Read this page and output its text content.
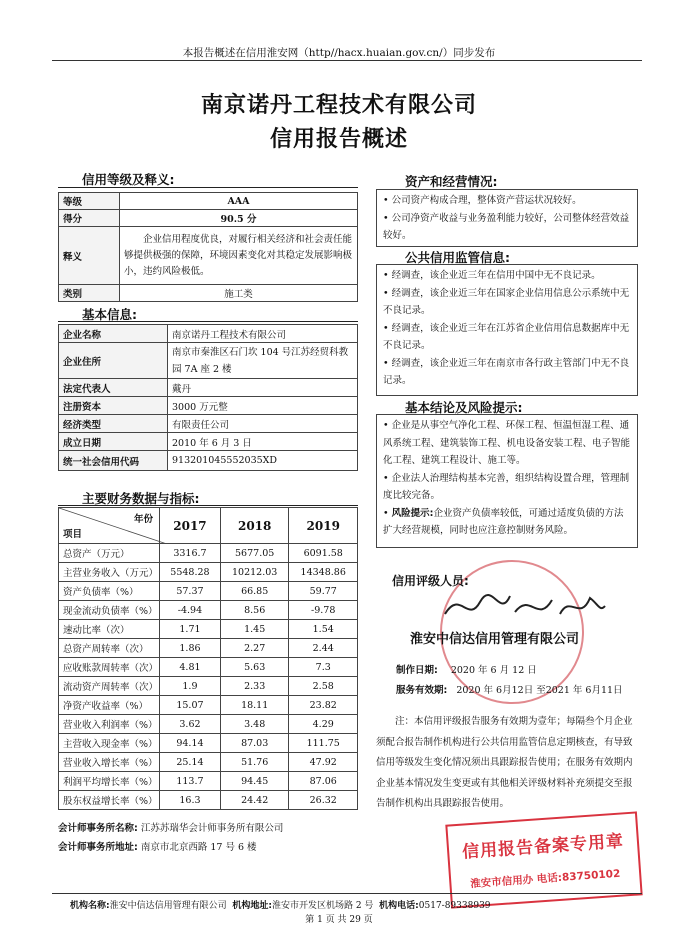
本报告概述在信用淮安网（http//hacx.huaian.gov.cn/）同步发布
南京诺丹工程技术有限公司
信用报告概述
信用等级及释义:
等级	AAA
得分	90.5 分
释义	企业信用程度优良，对履行相关经济和社会责任能够提供极强的保障，环境因素变化对其稳定发展影响极小，违约风险极低。
类别	施工类
基本信息:
企业名称	南京诺丹工程技术有限公司
企业住所	南京市秦淮区石门坎 104 号江苏经贸科教园 7A 座 2 楼
法定代表人	戴丹
注册资本	3000 万元整
经济类型	有限责任公司
成立日期	2010 年 6 月 3 日
统一社会信用代码	913201045552035XD
主要财务数据与指标:
年份
项目	2017	2018	2019
总资产（万元）	3316.7	5677.05	6091.58
主营业务收入（万元）	5548.28	10212.03	14348.86
资产负债率（%）	57.37	66.85	59.77
现金流动负债率（%）	-4.94	8.56	-9.78
速动比率（次）	1.71	1.45	1.54
总资产周转率（次）	1.86	2.27	2.44
应收账款周转率（次）	4.81	5.63	7.3
流动资产周转率（次）	1.9	2.33	2.58
净资产收益率（%）	15.07	18.11	23.82
营业收入利润率（%）	3.62	3.48	4.29
主营收入现金率（%）	94.14	87.03	111.75
营业收入增长率（%）	25.14	51.76	47.92
利润平均增长率（%）	113.7	94.45	87.06
股东权益增长率（%）	16.3	24.42	26.32
会计师事务所名称: 江苏苏瑞华会计师事务所有限公司
会计师事务所地址: 南京市北京西路 17 号 6 楼
资产和经营情况:

• 公司资产构成合理，整体资产营运状况较好。

• 公司净资产收益与业务盈利能力较好，公司整体经营效益较好。

公共信用监管信息:

• 经调查，该企业近三年在信用中国中无不良记录。

• 经调查，该企业近三年在国家企业信用信息公示系统中无不良记录。

• 经调查，该企业近三年在江苏省企业信用信息数据库中无不良记录。

• 经调查，该企业近三年在南京市各行政主管部门中无不良记录。

基本结论及风险提示:

• 企业是从事空气净化工程、环保工程、恒温恒湿工程、通风系统工程、建筑装饰工程、机电设备安装工程、电子智能化工程、建筑工程设计、施工等。

• 企业法人治理结构基本完善，组织结构设置合理，管理制度比较完备。

• 风险提示:企业资产负债率较低，可通过适度负债的方法扩大经营规模，同时也应注意控制财务风险。

信用评级人员:
淮安中信达信用管理有限公司
制作日期: 2020 年 6 月 12 日
服务有效期: 2020 年 6月12日 至2021 年 6月11日
注：本信用评级报告服务有效期为壹年；每隔叁个月企业须配合报告制作机构进行公共信用监管信息定期核查，有导致信用等级发生变化情况须出具跟踪报告使用；在服务有效期内企业基本情况发生变更或有其他相关评级材料补充须提交至报告制作机构出具跟踪报告使用。
信用报告备案专用章
淮安市信用办 电话:83750102
机构名称:淮安中信达信用管理有限公司 机构地址:淮安市开发区机场路 2 号 机构电话:0517-89338939
第 1 页 共 29 页
